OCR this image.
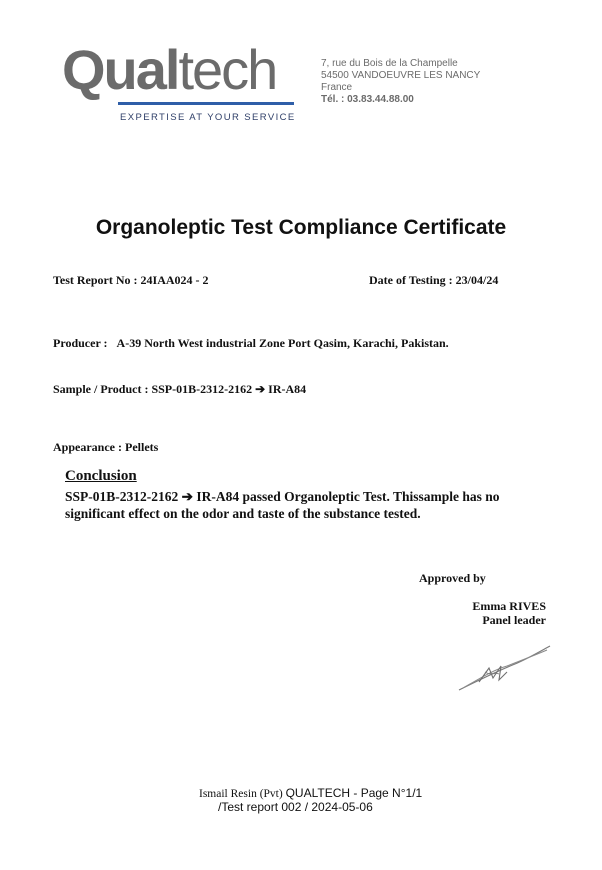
Qualtech
EXPERTISE AT YOUR SERVICE
7, rue du Bois de la Champelle
54500 VANDOEUVRE LES NANCY
France
Tél. : 03.83.44.88.00
Organoleptic Test Compliance Certificate
Test Report No : 24IAA024 - 2	Date of Testing : 23/04/24
Producer :   A-39 North West industrial Zone Port Qasim, Karachi, Pakistan.
Sample / Product : SSP-01B-2312-2162 ➔ IR-A84
Appearance : Pellets
Conclusion
SSP-01B-2312-2162 ➔ IR-A84 passed Organoleptic Test. Thissample has no significant effect on the odor and taste of the substance tested.
Approved by
Emma RIVES
Panel leader
Ismail Resin (Pvt) QUALTECH - Page N°1/1
/Test report 002 / 2024-05-06
